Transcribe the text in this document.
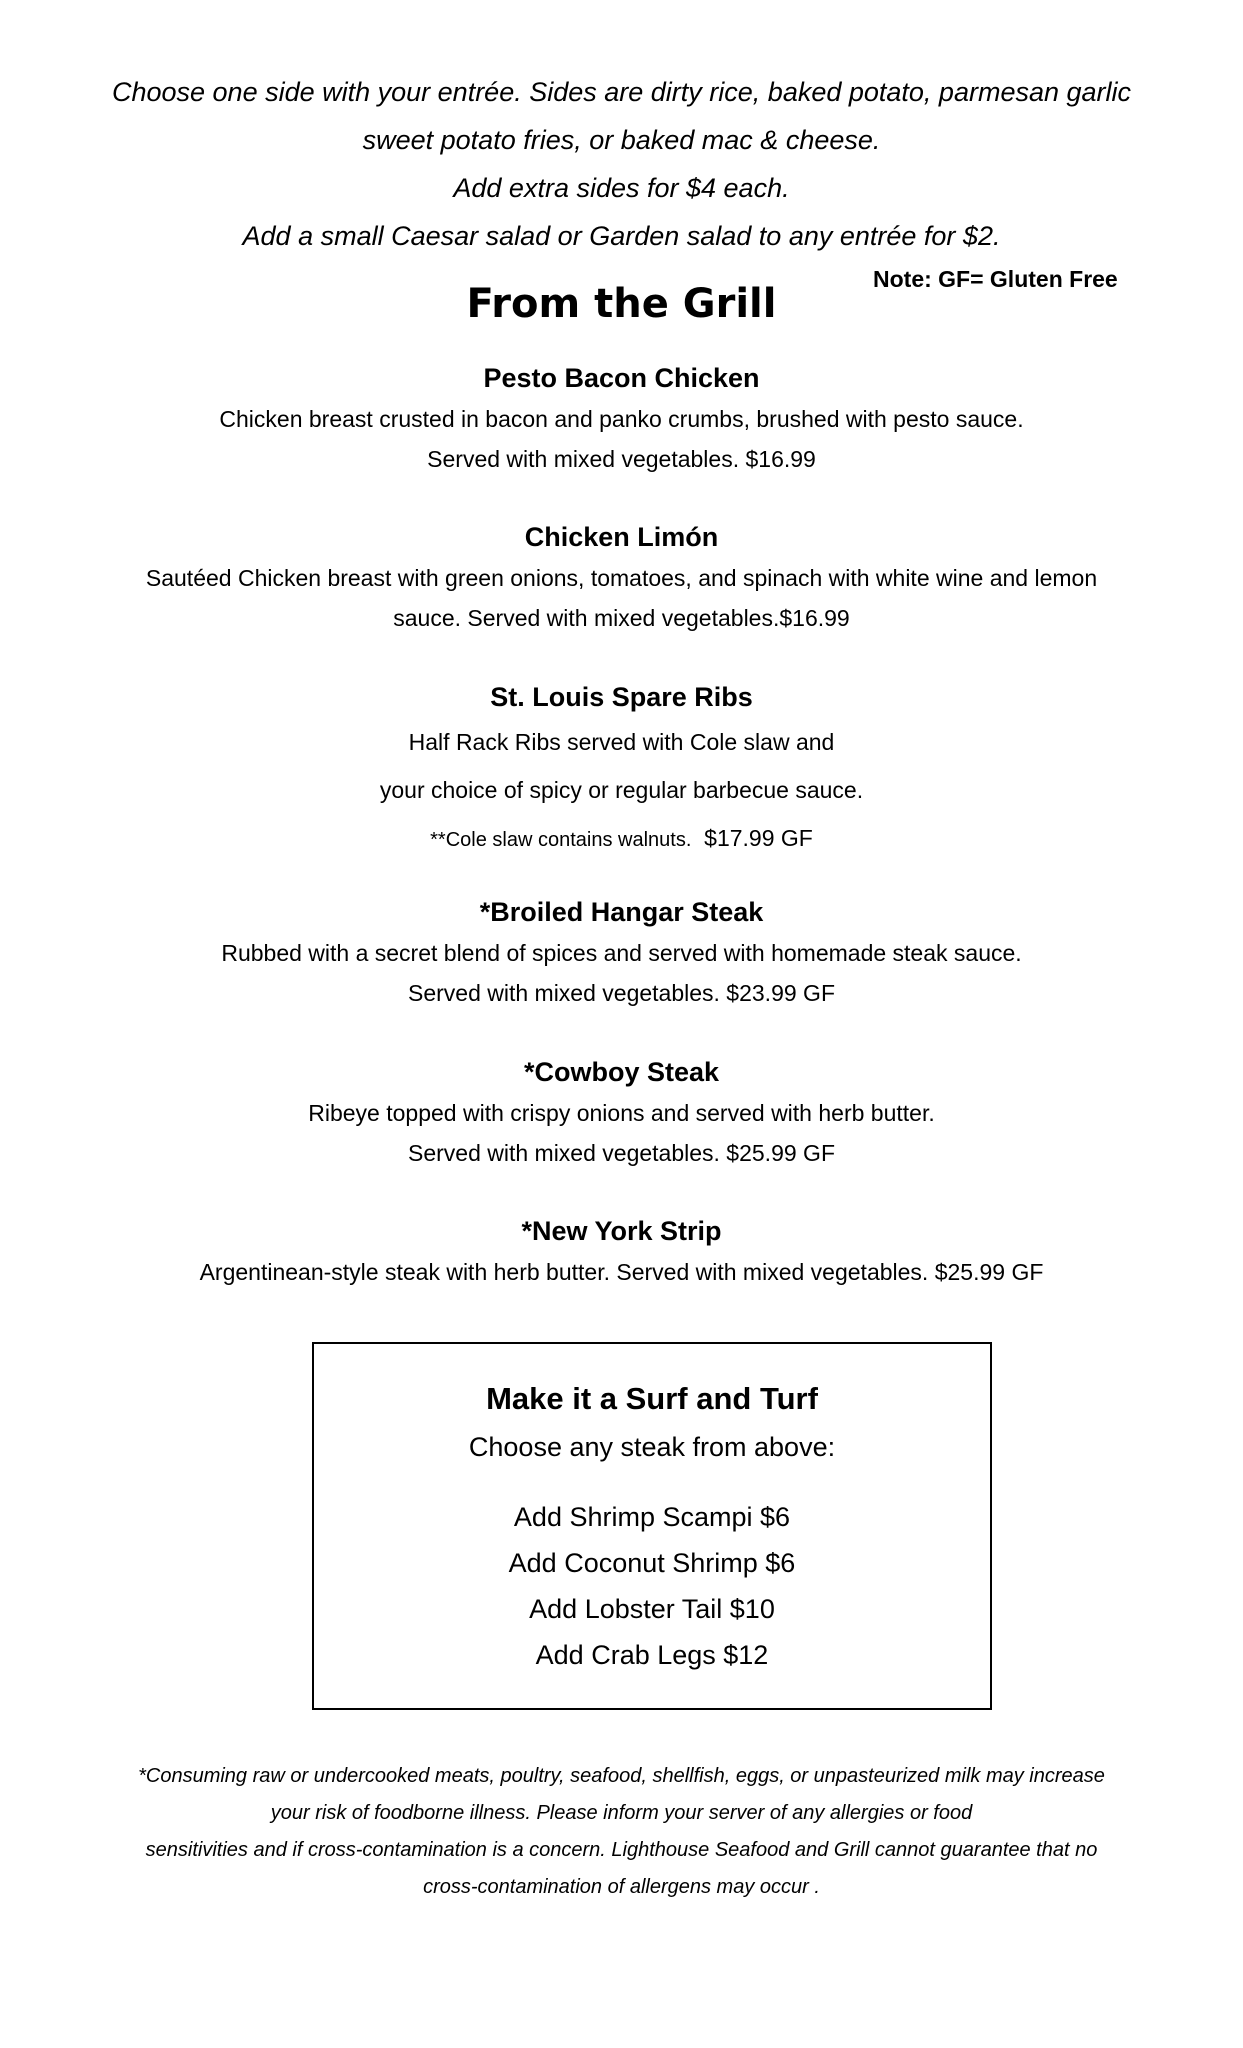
Choose one side with your entrée. Sides are dirty rice, baked potato, parmesan garlic
sweet potato fries, or baked mac & cheese.
Add extra sides for $4 each.
Add a small Caesar salad or Garden salad to any entrée for $2.
From the Grill
Note: GF= Gluten Free
Pesto Bacon Chicken
Chicken breast crusted in bacon and panko crumbs, brushed with pesto sauce.
Served with mixed vegetables. $16.99
Chicken Limón
Sautéed Chicken breast with green onions, tomatoes, and spinach with white wine and lemon
sauce. Served with mixed vegetables.$16.99
St. Louis Spare Ribs
Half Rack Ribs served with Cole slaw and
your choice of spicy or regular barbecue sauce.
**Cole slaw contains walnuts. $17.99 GF
*Broiled Hangar Steak
Rubbed with a secret blend of spices and served with homemade steak sauce.
Served with mixed vegetables. $23.99 GF
*Cowboy Steak
Ribeye topped with crispy onions and served with herb butter.
Served with mixed vegetables. $25.99 GF
*New York Strip
Argentinean-style steak with herb butter. Served with mixed vegetables. $25.99 GF
Make it a Surf and Turf
Choose any steak from above:
Add Shrimp Scampi $6
Add Coconut Shrimp $6
Add Lobster Tail $10
Add Crab Legs $12
*Consuming raw or undercooked meats, poultry, seafood, shellfish, eggs, or unpasteurized milk may increase
your risk of foodborne illness. Please inform your server of any allergies or food
sensitivities and if cross-contamination is a concern. Lighthouse Seafood and Grill cannot guarantee that no
cross-contamination of allergens may occur .
